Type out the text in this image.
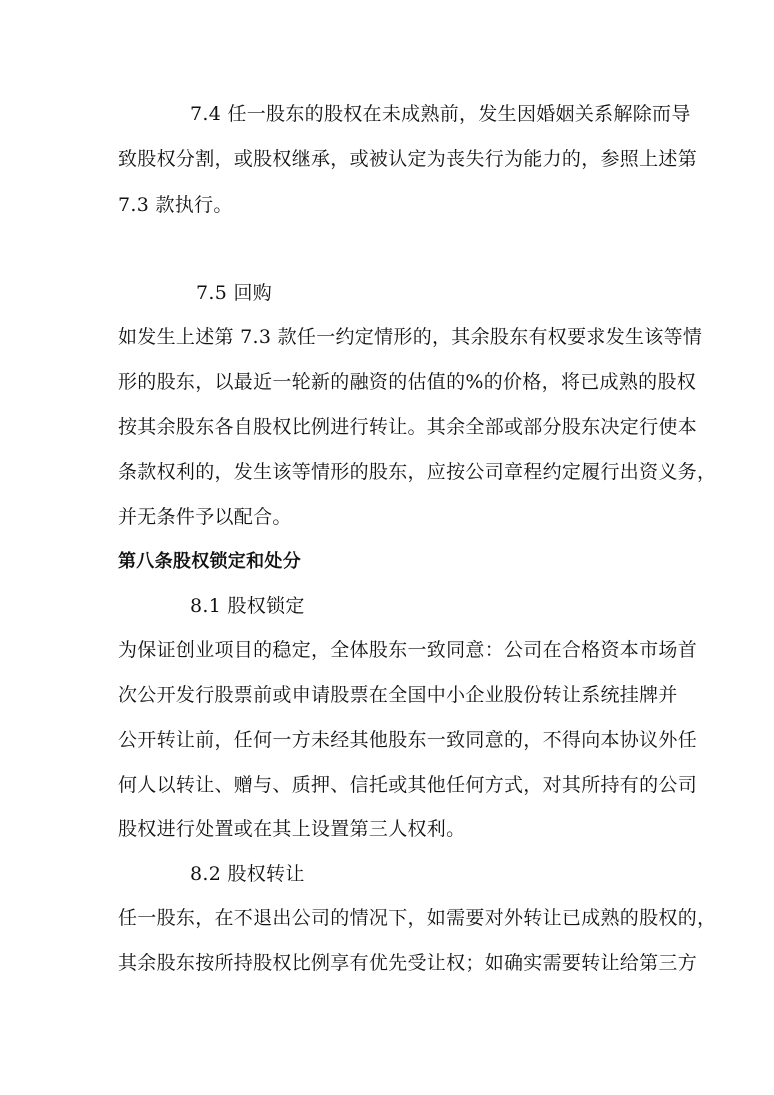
7.4 任一股东的股权在未成熟前，发生因婚姻关系解除而导
致股权分割，或股权继承，或被认定为丧失行为能力的，参照上述第
7.3 款执行。
7.5 回购
如发生上述第 7.3 款任一约定情形的，其余股东有权要求发生该等情
形的股东，以最近一轮新的融资的估值的%的价格，将已成熟的股权
按其余股东各自股权比例进行转让。其余全部或部分股东决定行使本
条款权利的，发生该等情形的股东，应按公司章程约定履行出资义务，
并无条件予以配合。
第八条股权锁定和处分
8.1 股权锁定
为保证创业项目的稳定，全体股东一致同意：公司在合格资本市场首
次公开发行股票前或申请股票在全国中小企业股份转让系统挂牌并
公开转让前，任何一方未经其他股东一致同意的，不得向本协议外任
何人以转让、赠与、质押、信托或其他任何方式，对其所持有的公司
股权进行处置或在其上设置第三人权利。
8.2 股权转让
任一股东，在不退出公司的情况下，如需要对外转让已成熟的股权的，
其余股东按所持股权比例享有优先受让权；如确实需要转让给第三方
